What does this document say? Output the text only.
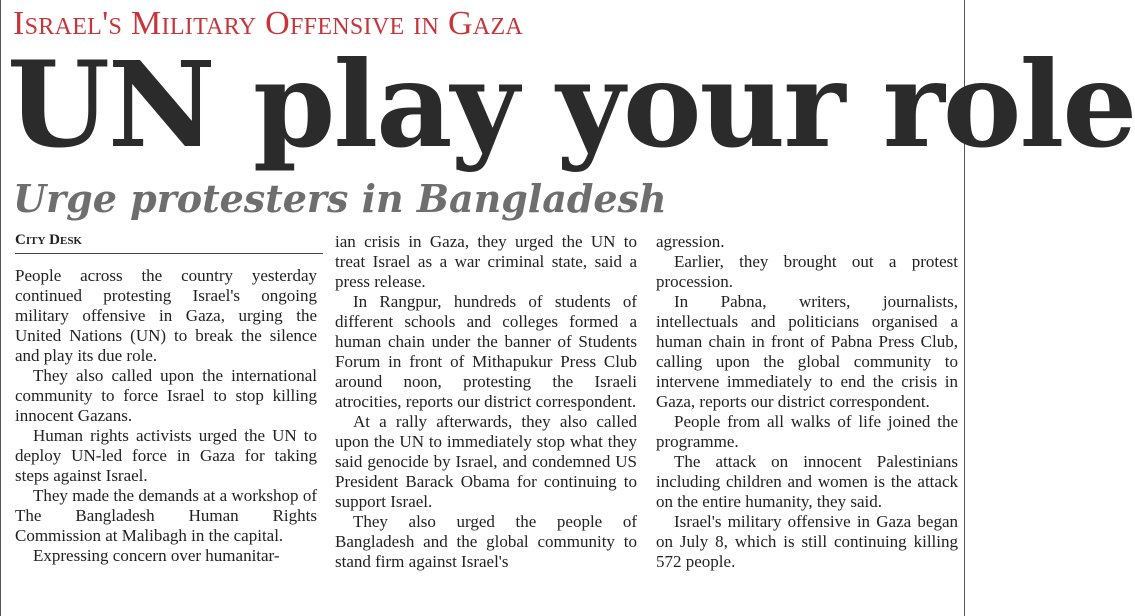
Israel's Military Offensive in Gaza
UN play your role
Urge protesters in Bangladesh
City Desk

People across the country yesterday continued protesting Israel's ongoing military offensive in Gaza, urging the United Nations (UN) to break the silence and play its due role.

They also called upon the international community to force Israel to stop killing innocent Gazans.

Human rights activists urged the UN to deploy UN-led force in Gaza for taking steps against Israel.

They made the demands at a workshop of The Bangladesh Human Rights Commission at Malibagh in the capital.

Expressing concern over humanitar-

ian crisis in Gaza, they urged the UN to treat Israel as a war criminal state, said a press release.

In Rangpur, hundreds of students of different schools and colleges formed a human chain under the banner of Students Forum in front of Mithapukur Press Club around noon, protesting the Israeli atrocities, reports our district correspondent.

At a rally afterwards, they also called upon the UN to immediately stop what they said genocide by Israel, and condemned US President Barack Obama for continuing to support Israel.

They also urged the people of Bangladesh and the global community to stand firm against Israel's

agression.

Earlier, they brought out a protest procession.

In Pabna, writers, journalists, intellectuals and politicians organised a human chain in front of Pabna Press Club, calling upon the global community to intervene immediately to end the crisis in Gaza, reports our district correspondent.

People from all walks of life joined the programme.

The attack on innocent Palestinians including children and women is the attack on the entire humanity, they said.

Israel's military offensive in Gaza began on July 8, which is still continuing killing 572 people.
